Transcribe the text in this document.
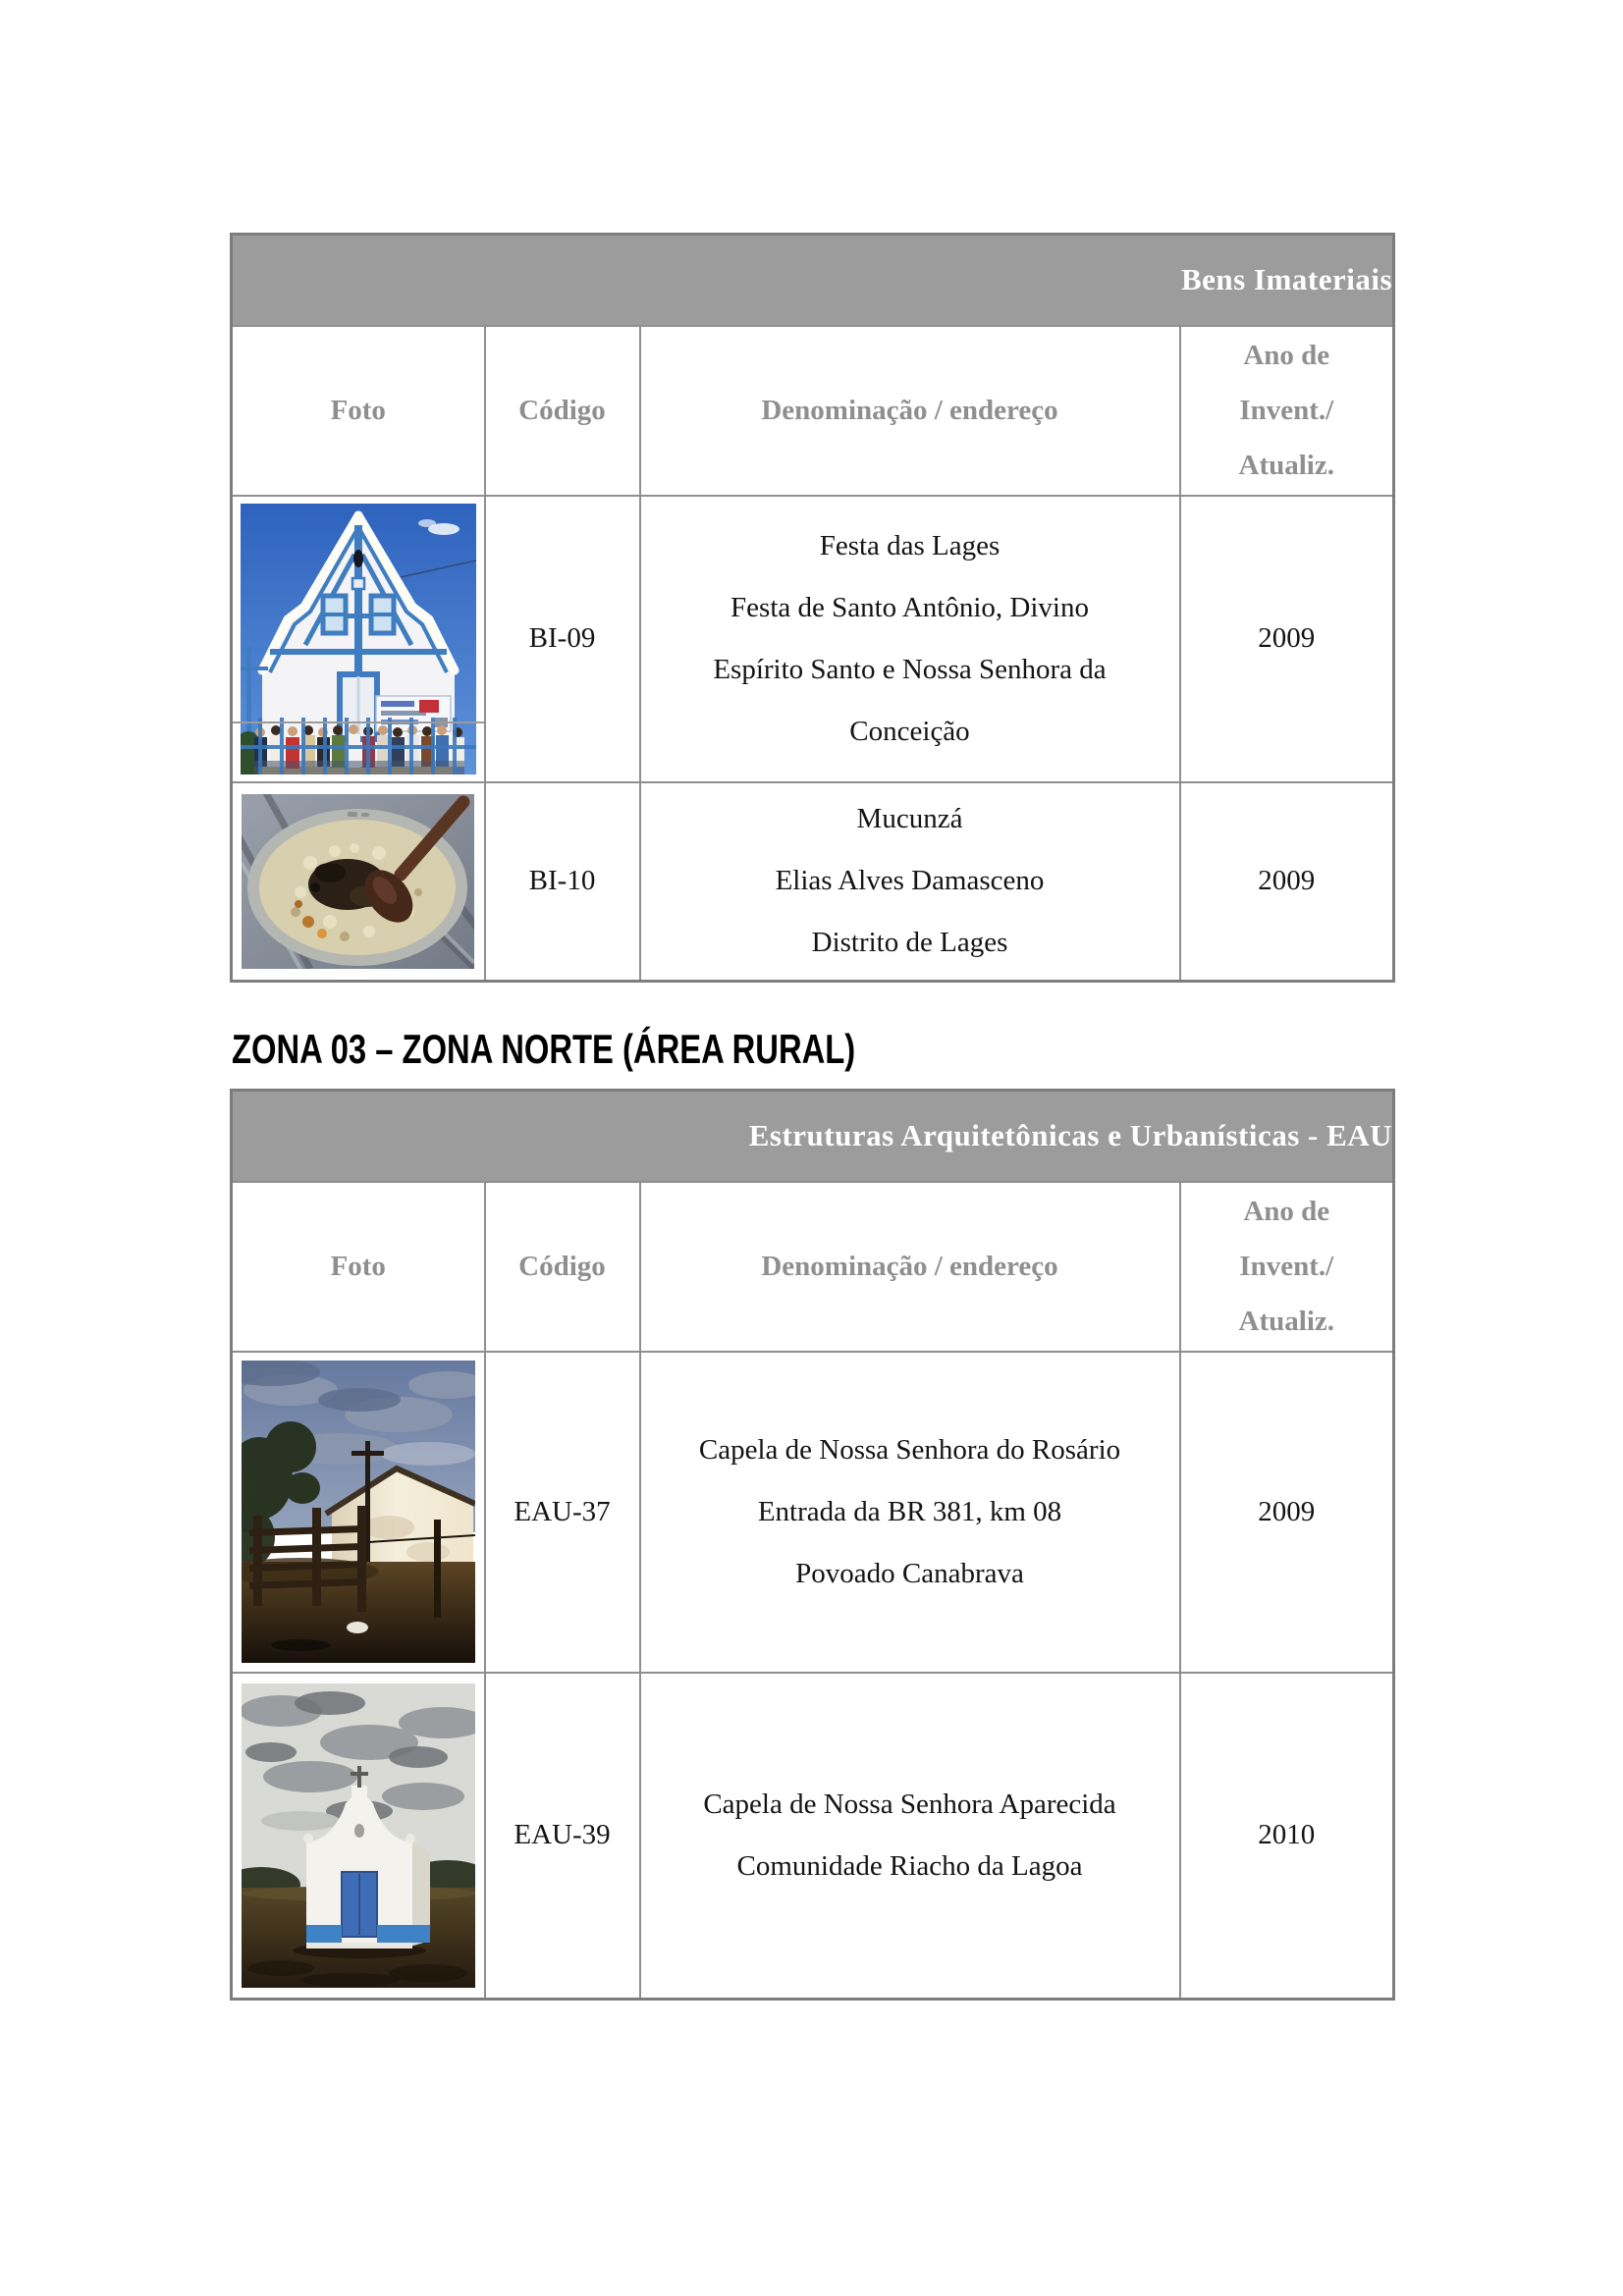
Bens Imateriais			
Foto	Código	Denominação / endereço	Ano de
Invent./
Atualiz.

	BI-09	Festa das Lages
Festa de Santo Antônio, Divino
Espírito Santo e Nossa Senhora da
Conceição	2009

	BI-10	Mucunzá
Elias Alves Damasceno
Distrito de Lages	2009
ZONA 03 – ZONA NORTE (ÁREA RURAL)
Estruturas Arquitetônicas e Urbanísticas - EAU			
Foto	Código	Denominação / endereço	Ano de
Invent./
Atualiz.

	EAU-37	Capela de Nossa Senhora do Rosário
Entrada da BR 381, km 08
Povoado Canabrava	2009

	EAU-39	Capela de Nossa Senhora Aparecida
Comunidade Riacho da Lagoa	2010
